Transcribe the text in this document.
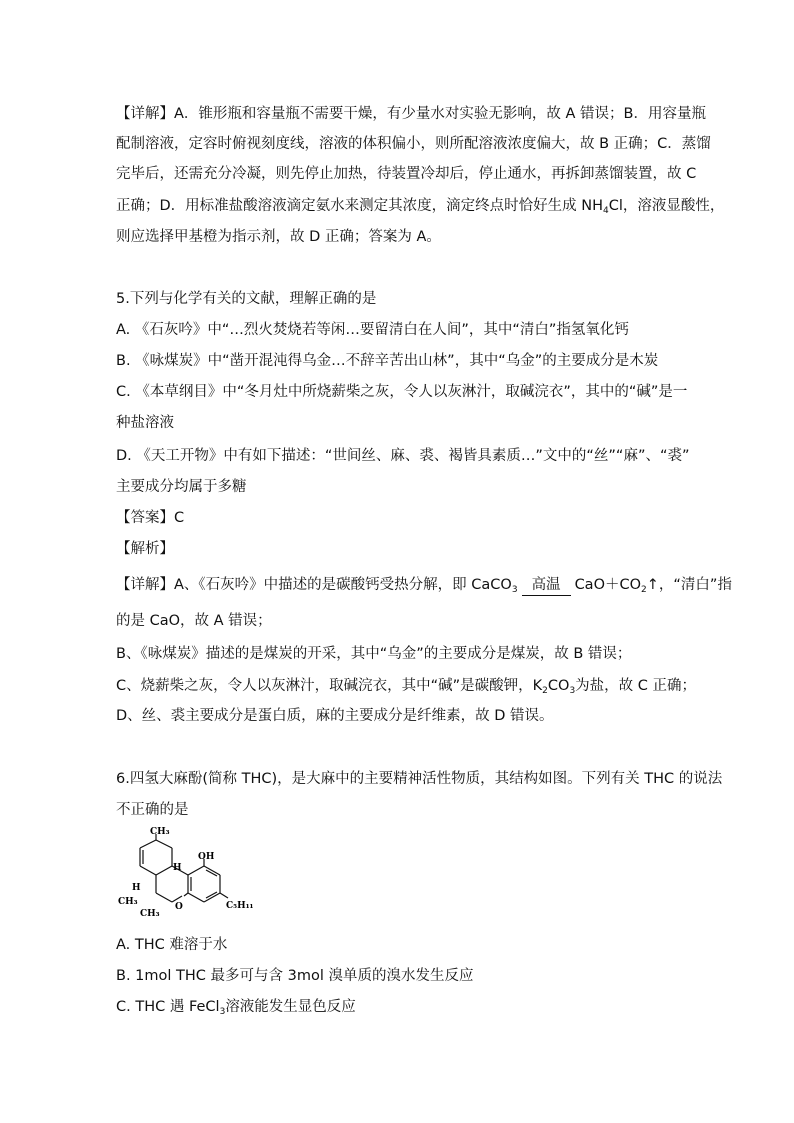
【详解】A．锥形瓶和容量瓶不需要干燥，有少量水对实验无影响，故 A 错误；B．用容量瓶
配制溶液，定容时俯视刻度线，溶液的体积偏小，则所配溶液浓度偏大，故 B 正确；C．蒸馏
完毕后，还需充分冷凝，则先停止加热，待装置冷却后，停止通水，再拆卸蒸馏装置，故 C
正确；D．用标准盐酸溶液滴定氨水来测定其浓度，滴定终点时恰好生成 $NH_4Cl$，溶液显酸性，
则应选择甲基橙为指示剂，故 D 正确；答案为 A。
5.下列与化学有关的文献，理解正确的是
A. 《石灰吟》中“…烈火焚烧若等闲…要留清白在人间”，其中“清白”指氢氧化钙
B. 《咏煤炭》中“凿开混沌得乌金…不辞辛苦出山林”，其中“乌金”的主要成分是木炭
C. 《本草纲目》中“冬月灶中所烧薪柴之灰，令人以灰淋汁，取碱浣衣”，其中的“碱”是一
种盐溶液
D. 《天工开物》中有如下描述：“世间丝、麻、裘、褐皆具素质…”文中的“丝”“麻”、“裘”
主要成分均属于多糖
【答案】C
【解析】
【详解】A、《石灰吟》中描述的是碳酸钙受热分解，即 CaCO$_3$ 高温 $CaO+CO_2↑$，“清白”指
的是 CaO，故 A 错误；
B、《咏煤炭》描述的是煤炭的开采，其中“乌金”的主要成分是煤炭，故 B 错误；
C、烧薪柴之灰，令人以灰淋汁，取碱浣衣，其中“碱”是碳酸钾，$K_2CO_3$为盐，故 C 正确；
D、丝、裘主要成分是蛋白质，麻的主要成分是纤维素，故 D 错误。
6.四氢大麻酚(简称 THC)，是大麻中的主要精神活性物质，其结构如图。下列有关 THC 的说法
不正确的是
CH₃
OH
H
H
CH₃
CH₃
O	C₅H₁₁
A. THC 难溶于水
B. 1mol THC 最多可与含 3mol 溴单质的溴水发生反应
C. THC 遇 FeCl$_3$溶液能发生显色反应
